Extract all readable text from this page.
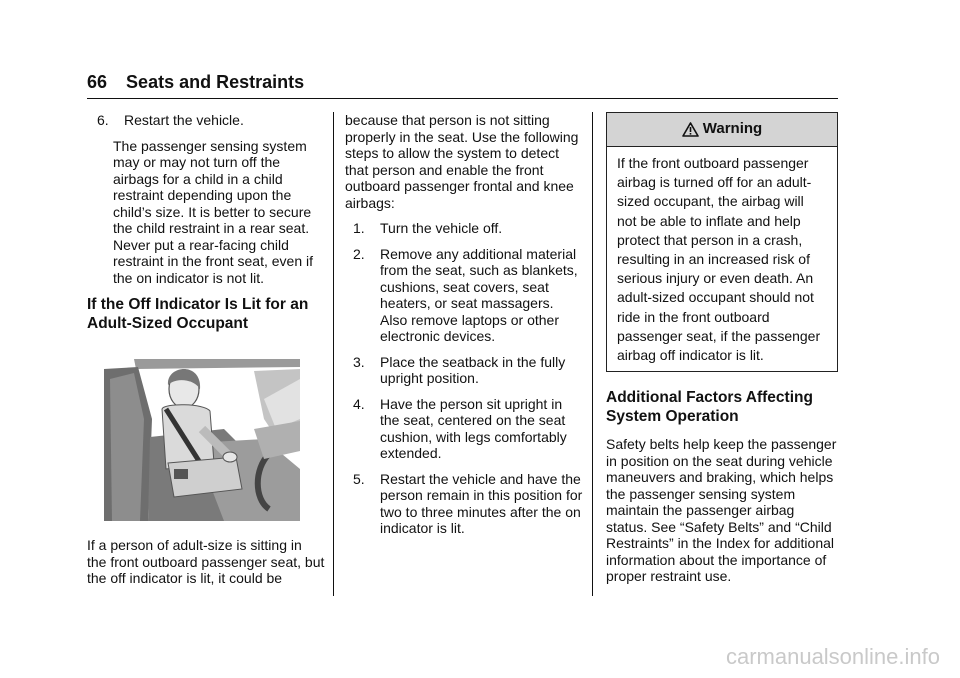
66 Seats and Restraints
6.	Restart the vehicle.

The passenger sensing system may or may not turn off the airbags for a child in a child restraint depending upon the child’s size. It is better to secure the child restraint in a rear seat. Never put a rear-facing child restraint in the front seat, even if the on indicator is not lit.

If the Off Indicator Is Lit for an Adult-Sized Occupant

If a person of adult-size is sitting in the front outboard passenger seat, but the off indicator is lit, it could be

because that person is not sitting properly in the seat. Use the following steps to allow the system to detect that person and enable the front outboard passenger frontal and knee airbags:

1.	Turn the vehicle off.
2.	Remove any additional material from the seat, such as blankets, cushions, seat covers, seat heaters, or seat massagers. Also remove laptops or other electronic devices.
3.	Place the seatback in the fully upright position.
4.	Have the person sit upright in the seat, centered on the seat cushion, with legs comfortably extended.
5.	Restart the vehicle and have the person remain in this position for two to three minutes after the on indicator is lit.
Warning
If the front outboard passenger airbag is turned off for an adult-sized occupant, the airbag will not be able to inflate and help protect that person in a crash, resulting in an increased risk of serious injury or even death. An adult-sized occupant should not ride in the front outboard passenger seat, if the passenger airbag off indicator is lit.
Additional Factors Affecting System Operation

Safety belts help keep the passenger in position on the seat during vehicle maneuvers and braking, which helps the passenger sensing system maintain the passenger airbag status. See “Safety Belts” and “Child Restraints” in the Index for additional information about the importance of proper restraint use.

carmanualsonline.info
